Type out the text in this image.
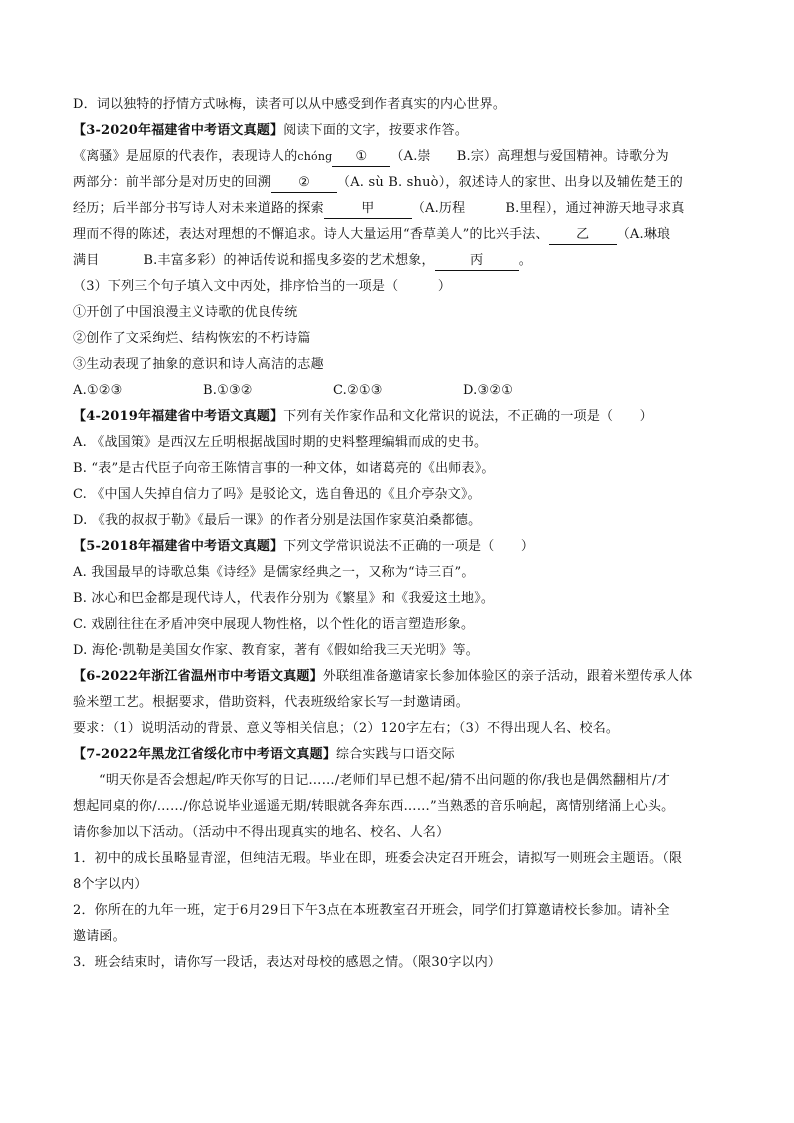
D．词以独特的抒情方式咏梅，读者可以从中感受到作者真实的内心世界。
【3-2020年福建省中考语文真题】阅读下面的文字，按要求作答。
《离骚》是屈原的代表作，表现诗人的chóng ① （A.崇 B.宗）高理想与爱国精神。诗歌分为
两部分：前半部分是对历史的回溯 ② （A. sù B. shuò），叙述诗人的家世、出身以及辅佐楚王的
经历；后半部分书写诗人对未来道路的探索	甲	（A.历程	B.里程），通过神游天地寻求真
理而不得的陈述，表达对理想的不懈追求。诗人大量运用“香草美人”的比兴手法、 乙 （A.琳琅
满目	B.丰富多彩）的神话传说和摇曳多姿的艺术想象，	丙	。
（3）下列三个句子填入文中丙处，排序恰当的一项是（　　　）
①开创了中国浪漫主义诗歌的优良传统
②创作了文采绚烂、结构恢宏的不朽诗篇
③生动表现了抽象的意识和诗人高洁的志趣
A.①②③	B.①③②	C.②①③	D.③②①
【4-2019年福建省中考语文真题】下列有关作家作品和文化常识的说法，不正确的一项是（　　）
A. 《战国策》是西汉左丘明根据战国时期的史料整理编辑而成的史书。
B. “表”是古代臣子向帝王陈情言事的一种文体，如诸葛亮的《出师表》。
C. 《中国人失掉自信力了吗》是驳论文，选自鲁迅的《且介亭杂文》。
D. 《我的叔叔于勒》《最后一课》的作者分别是法国作家莫泊桑都德。
【5-2018年福建省中考语文真题】下列文学常识说法不正确的一项是（　　）
A. 我国最早的诗歌总集《诗经》是儒家经典之一，又称为“诗三百”。
B. 冰心和巴金都是现代诗人，代表作分别为《繁星》和《我爱这土地》。
C. 戏剧往往在矛盾冲突中展现人物性格，以个性化的语言塑造形象。
D. 海伦·凯勒是美国女作家、教育家，著有《假如给我三天光明》等。
【6-2022年浙江省温州市中考语文真题】外联组准备邀请家长参加体验区的亲子活动，跟着米塑传承人体
验米塑工艺。根据要求，借助资料，代表班级给家长写一封邀请函。
要求：（1）说明活动的背景、意义等相关信息；（2）120字左右；（3）不得出现人名、校名。
【7-2022年黑龙江省绥化市中考语文真题】综合实践与口语交际
“明天你是否会想起/昨天你写的日记……/老师们早已想不起/猜不出问题的你/我也是偶然翻相片/才
想起同桌的你/……/你总说毕业遥遥无期/转眼就各奔东西……”当熟悉的音乐响起，离情别绪涌上心头。
请你参加以下活动。（活动中不得出现真实的地名、校名、人名）
1．初中的成长虽略显青涩，但纯洁无瑕。毕业在即，班委会决定召开班会，请拟写一则班会主题语。（限
8个字以内）
2．你所在的九年一班，定于6月29日下午3点在本班教室召开班会，同学们打算邀请校长参加。请补全
邀请函。
3．班会结束时，请你写一段话，表达对母校的感恩之情。（限30字以内）
